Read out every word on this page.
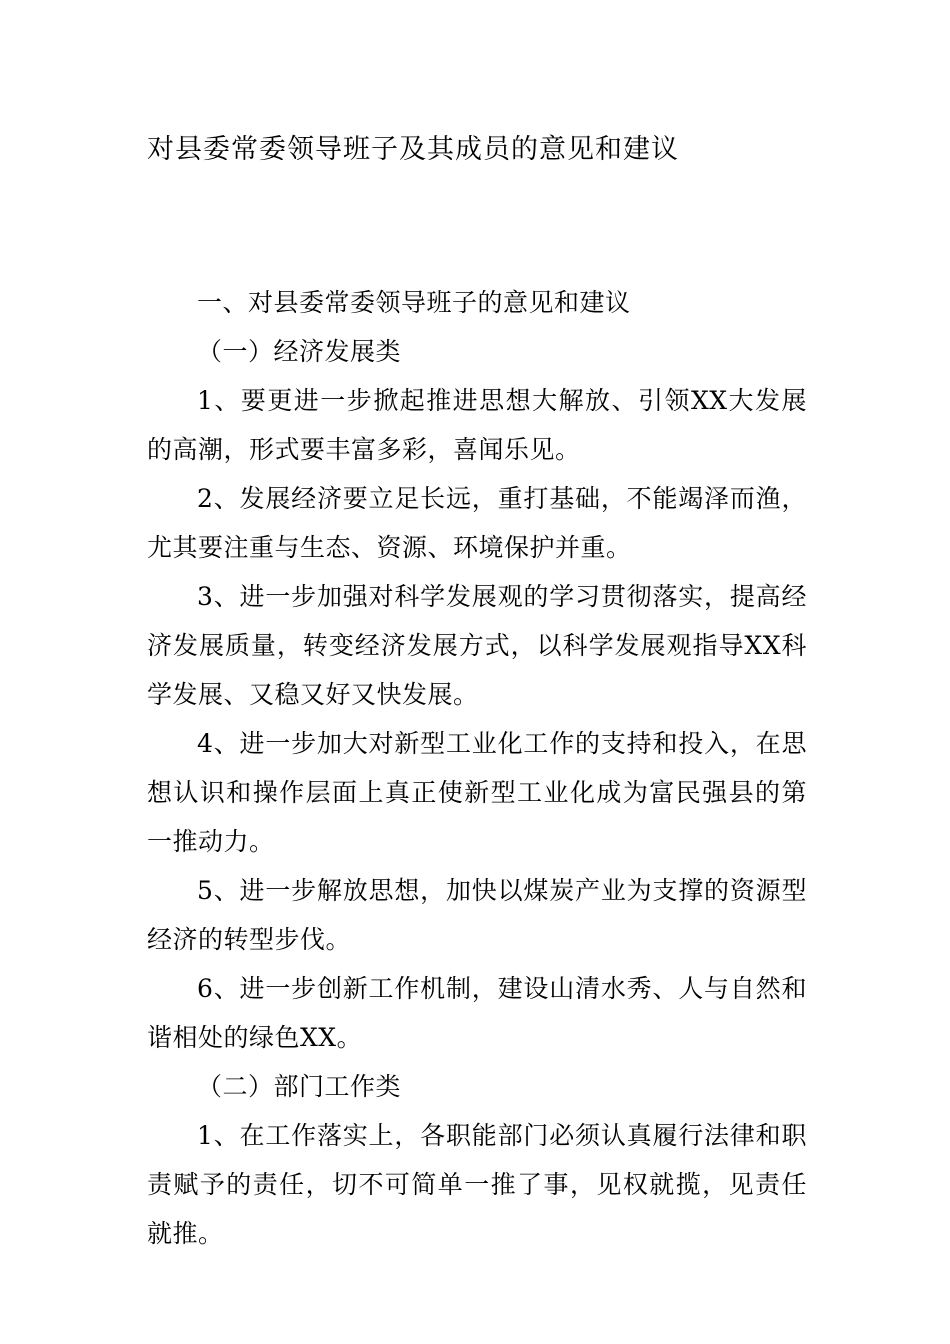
对县委常委领导班子及其成员的意见和建议

一、对县委常委领导班子的意见和建议

（一）经济发展类

1、要更进一步掀起推进思想大解放、引领XX大发展的高潮，形式要丰富多彩，喜闻乐见。

2、发展经济要立足长远，重打基础，不能竭泽而渔，尤其要注重与生态、资源、环境保护并重。

3、进一步加强对科学发展观的学习贯彻落实，提高经济发展质量，转变经济发展方式，以科学发展观指导XX科学发展、又稳又好又快发展。

4、进一步加大对新型工业化工作的支持和投入，在思想认识和操作层面上真正使新型工业化成为富民强县的第一推动力。

5、进一步解放思想，加快以煤炭产业为支撑的资源型经济的转型步伐。

6、进一步创新工作机制，建设山清水秀、人与自然和谐相处的绿色XX。

（二）部门工作类

1、在工作落实上，各职能部门必须认真履行法律和职责赋予的责任，切不可简单一推了事，见权就揽，见责任就推。
